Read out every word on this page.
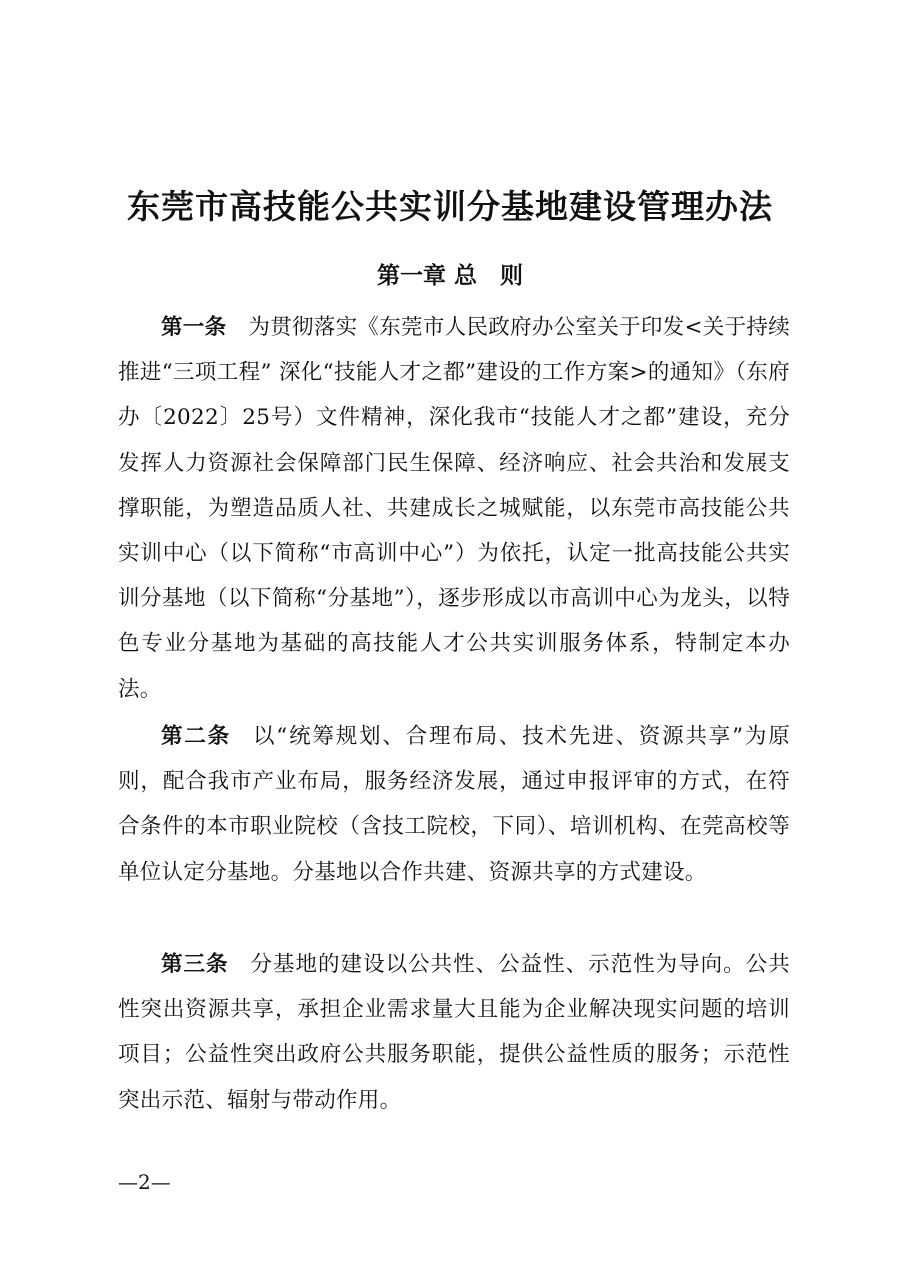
东莞市高技能公共实训分基地建设管理办法
第一章 总　则

第一条 为贯彻落实《东莞市人民政府办公室关于印发<关于持续推进“三项工程” 深化“技能人才之都”建设的工作方案>的通知》（东府办〔2022〕25号）文件精神，深化我市“技能人才之都”建设，充分发挥人力资源社会保障部门民生保障、经济响应、社会共治和发展支撑职能，为塑造品质人社、共建成长之城赋能，以东莞市高技能公共实训中心（以下简称“市高训中心”）为依托，认定一批高技能公共实训分基地（以下简称“分基地”），逐步形成以市高训中心为龙头，以特色专业分基地为基础的高技能人才公共实训服务体系，特制定本办法。

第二条 以“统筹规划、合理布局、技术先进、资源共享”为原则，配合我市产业布局，服务经济发展，通过申报评审的方式，在符合条件的本市职业院校（含技工院校，下同）、培训机构、在莞高校等单位认定分基地。分基地以合作共建、资源共享的方式建设。

第三条 分基地的建设以公共性、公益性、示范性为导向。公共性突出资源共享，承担企业需求量大且能为企业解决现实问题的培训项目；公益性突出政府公共服务职能，提供公益性质的服务；示范性突出示范、辐射与带动作用。

—2—
